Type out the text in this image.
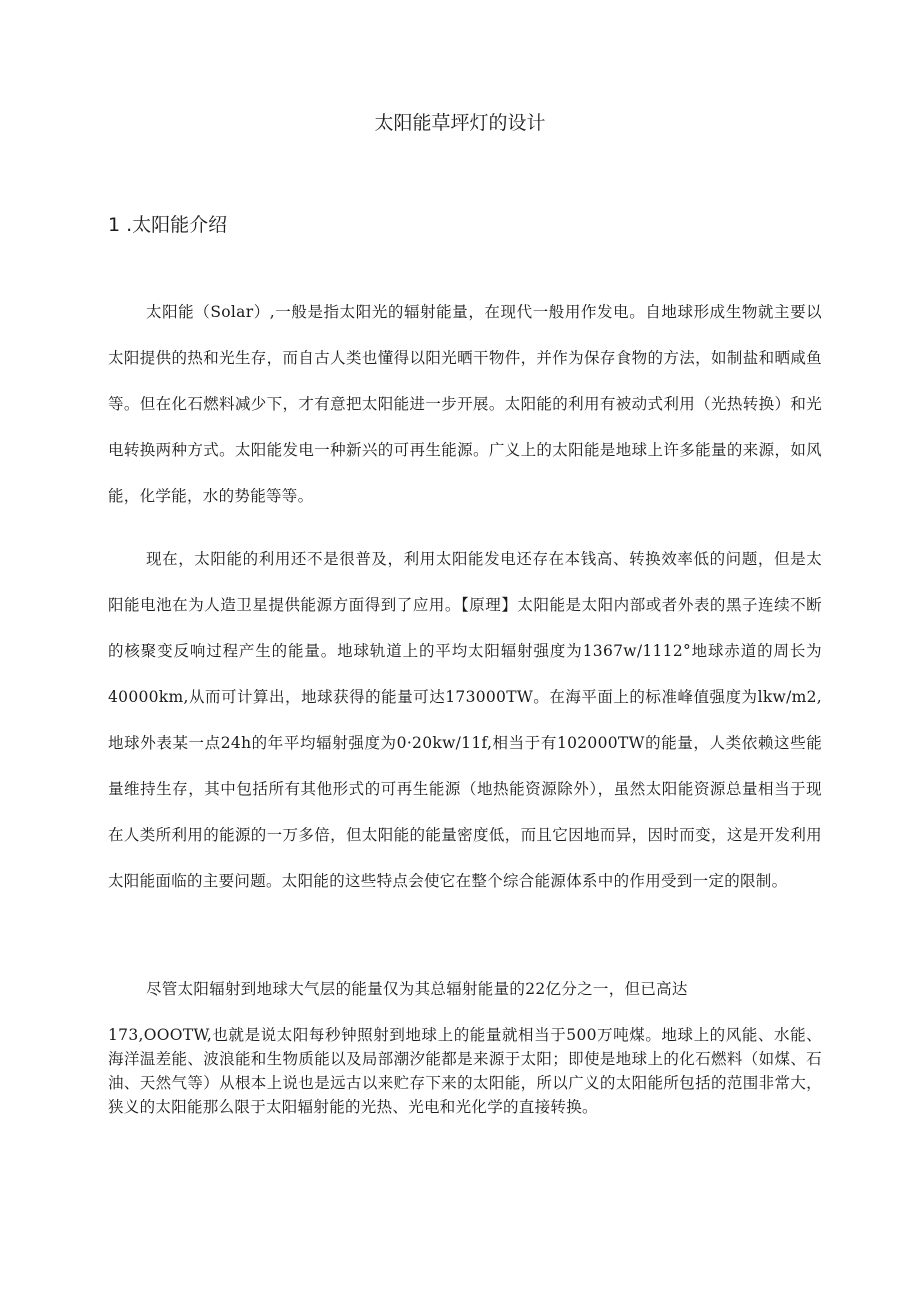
太阳能草坪灯的设计
1 .太阳能介绍

太阳能（Solar）,一般是指太阳光的辐射能量，在现代一般用作发电。自地球形成生物就主要以太阳提供的热和光生存，而自古人类也懂得以阳光晒干物件，并作为保存食物的方法，如制盐和晒咸鱼等。但在化石燃料减少下，才有意把太阳能进一步开展。太阳能的利用有被动式利用（光热转换）和光电转换两种方式。太阳能发电一种新兴的可再生能源。广义上的太阳能是地球上许多能量的来源，如风能，化学能，水的势能等等。

现在，太阳能的利用还不是很普及，利用太阳能发电还存在本钱高、转换效率低的问题，但是太阳能电池在为人造卫星提供能源方面得到了应用。【原理】太阳能是太阳内部或者外表的黑子连续不断的核聚变反响过程产生的能量。地球轨道上的平均太阳辐射强度为1367w/1112°地球赤道的周长为40000km,从而可计算出，地球获得的能量可达173000TW。在海平面上的标准峰值强度为lkw/m2,地球外表某一点24h的年平均辐射强度为0·20kw/11f,相当于有102000TW的能量，人类依赖这些能量维持生存，其中包括所有其他形式的可再生能源（地热能资源除外），虽然太阳能资源总量相当于现在人类所利用的能源的一万多倍，但太阳能的能量密度低，而且它因地而异，因时而变，这是开发利用太阳能面临的主要问题。太阳能的这些特点会使它在整个综合能源体系中的作用受到一定的限制。

尽管太阳辐射到地球大气层的能量仅为其总辐射能量的22亿分之一，但已高达

173,OOOTW,也就是说太阳每秒钟照射到地球上的能量就相当于500万吨煤。地球上的风能、水能、海洋温差能、波浪能和生物质能以及局部潮汐能都是来源于太阳；即使是地球上的化石燃料（如煤、石油、天然气等）从根本上说也是远古以来贮存下来的太阳能，所以广义的太阳能所包括的范围非常大，狭义的太阳能那么限于太阳辐射能的光热、光电和光化学的直接转换。
